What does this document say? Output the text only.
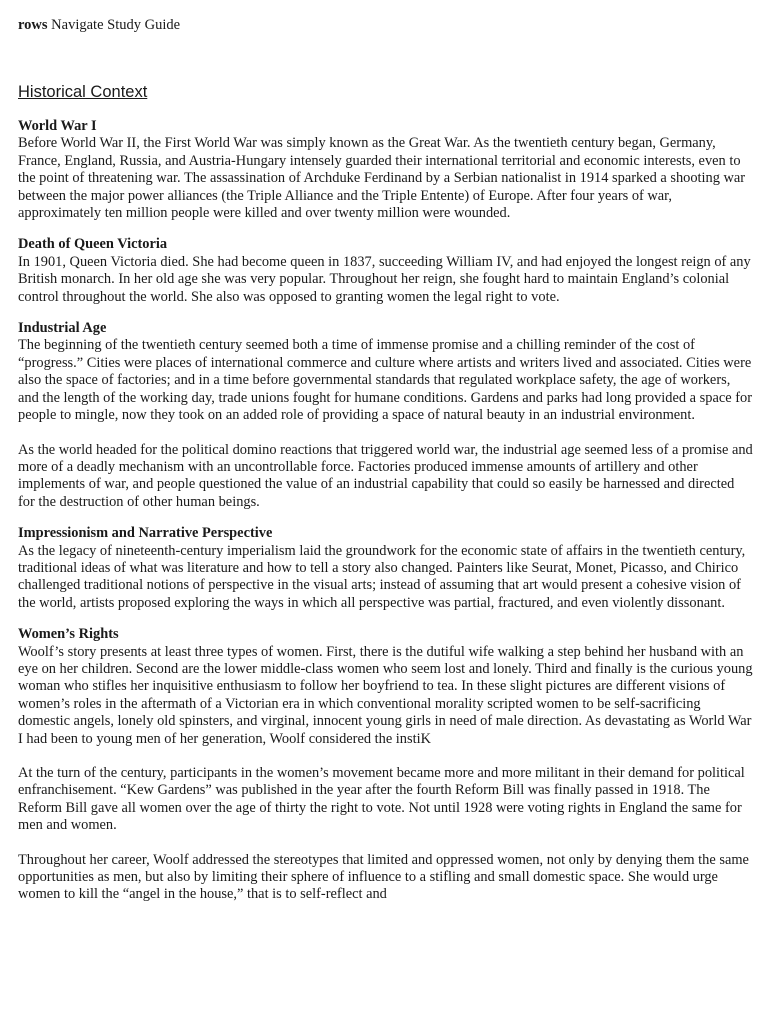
rows Navigate Study Guide
Historical Context
World War I

Before World War II, the First World War was simply known as the Great War. As the twentieth century began, Germany, France, England, Russia, and Austria-Hungary intensely guarded their international territorial and economic interests, even to the point of threatening war. The assassination of Archduke Ferdinand by a Serbian nationalist in 1914 sparked a shooting war between the major power alliances (the Triple Alliance and the Triple Entente) of Europe. After four years of war, approximately ten million people were killed and over twenty million were wounded.

Death of Queen Victoria

In 1901, Queen Victoria died. She had become queen in 1837, succeeding William IV, and had enjoyed the longest reign of any British monarch. In her old age she was very popular. Throughout her reign, she fought hard to maintain England’s colonial control throughout the world. She also was opposed to granting women the legal right to vote.

Industrial Age

The beginning of the twentieth century seemed both a time of immense promise and a chilling reminder of the cost of “progress.” Cities were places of international commerce and culture where artists and writers lived and associated. Cities were also the space of factories; and in a time before governmental standards that regulated workplace safety, the age of workers, and the length of the working day, trade unions fought for humane conditions. Gardens and parks had long provided a space for people to mingle, now they took on an added role of providing a space of natural beauty in an industrial environment.

As the world headed for the political domino reactions that triggered world war, the industrial age seemed less of a promise and more of a deadly mechanism with an uncontrollable force. Factories produced immense amounts of artillery and other implements of war, and people questioned the value of an industrial capability that could so easily be harnessed and directed for the destruction of other human beings.

Impressionism and Narrative Perspective

As the legacy of nineteenth-century imperialism laid the groundwork for the economic state of affairs in the twentieth century, traditional ideas of what was literature and how to tell a story also changed. Painters like Seurat, Monet, Picasso, and Chirico challenged traditional notions of perspective in the visual arts; instead of assuming that art would present a cohesive vision of the world, artists proposed exploring the ways in which all perspective was partial, fractured, and even violently dissonant.

Women’s Rights

Woolf’s story presents at least three types of women. First, there is the dutiful wife walking a step behind her husband with an eye on her children. Second are the lower middle-class women who seem lost and lonely. Third and finally is the curious young woman who stifles her inquisitive enthusiasm to follow her boyfriend to tea. In these slight pictures are different visions of women’s roles in the aftermath of a Victorian era in which conventional morality scripted women to be self-sacrificing domestic angels, lonely old spinsters, and virginal, innocent young girls in need of male direction. As devastating as World War I had been to young men of her generation, Woolf considered the instiK

At the turn of the century, participants in the women’s movement became more and more militant in their demand for political enfranchisement. “Kew Gardens” was published in the year after the fourth Reform Bill was finally passed in 1918. The Reform Bill gave all women over the age of thirty the right to vote. Not until 1928 were voting rights in England the same for men and women.

Throughout her career, Woolf addressed the stereotypes that limited and oppressed women, not only by denying them the same opportunities as men, but also by limiting their sphere of influence to a stifling and small domestic space. She would urge women to kill the “angel in the house,” that is to self-reflect and
